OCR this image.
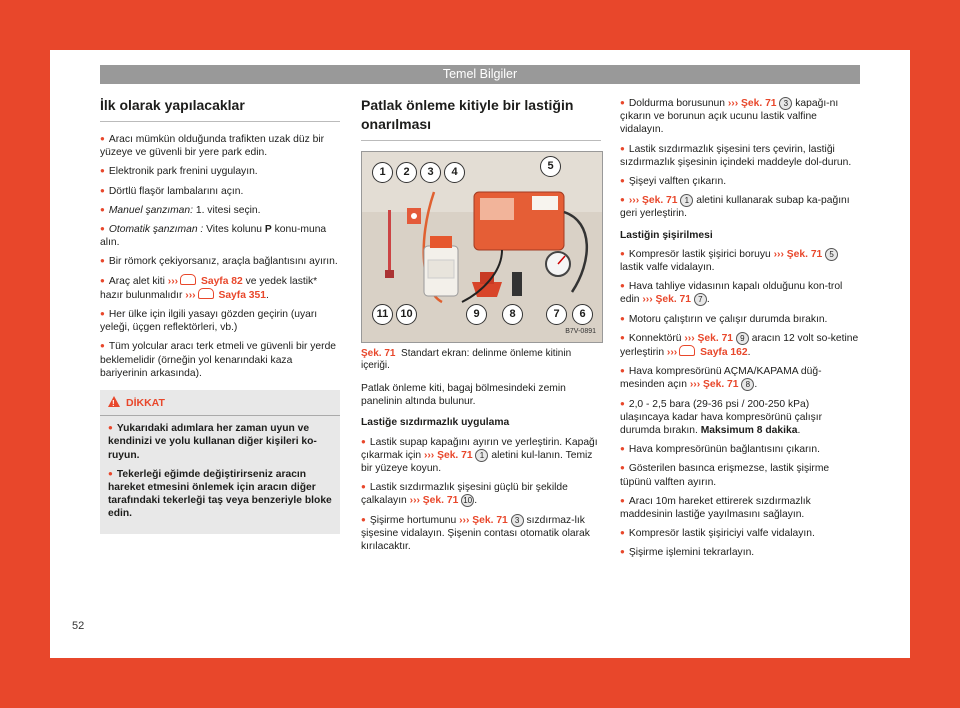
Temel Bilgiler
İlk olarak yapılacaklar
● Aracı mümkün olduğunda trafikten uzak düz bir yüzeye ve güvenli bir yere park edin.
● Elektronik park frenini uygulayın.
● Dörtlü flaşör lambalarını açın.
● Manuel şanzıman: 1. vitesi seçin.
● Otomatik şanzıman : Vites kolunu P konu-muna alın.
● Bir römork çekiyorsanız, araçla bağlantısını ayırın.
● Araç alet kiti ››› Sayfa 82 ve yedek lastik* hazır bulunmalıdır ››› Sayfa 351.
● Her ülke için ilgili yasayı gözden geçirin (uyarı yeleği, üçgen reflektörleri, vb.)
● Tüm yolcular aracı terk etmeli ve güvenli bir yerde beklemelidir (örneğin yol kenarındaki kaza bariyerinin arkasında).
!DİKKAT
● Yukarıdaki adımlara her zaman uyun ve kendinizi ve yolu kullanan diğer kişileri ko-ruyun.
● Tekerleği eğimde değiştirirseniz aracın hareket etmesini önlemek için aracın diğer tarafındaki tekerleği taş veya benzeriyle bloke edin.
Patlak önleme kitiyle bir lastiğin onarılması
1	2	3	4	5
11	10	9	8	7	6
B7V-0891
Şek. 71 Standart ekran: delinme önleme kitinin içeriği.
Patlak önleme kiti, bagaj bölmesindeki zemin panelinin altında bulunur.
Lastiğe sızdırmazlık uygulama
● Lastik supap kapağını ayırın ve yerleştirin. Kapağı çıkarmak için ››› Şek. 71 1 aletini kul-lanın. Temiz bir yüzeye koyun.
● Lastik sızdırmazlık şişesini güçlü bir şekilde çalkalayın ››› Şek. 71 10 .
● Şişirme hortumunu ››› Şek. 71 3 sızdırmaz-lık şişesine vidalayın. Şişenin contası otomatik olarak kırılacaktır.
● Doldurma borusunun ››› Şek. 71 3 kapağı-nı çıkarın ve borunun açık ucunu lastik valfine vidalayın.
● Lastik sızdırmazlık şişesini ters çevirin, lastiği sızdırmazlık şişesinin içindeki maddeyle dol-durun.
● Şişeyi valften çıkarın.
● ››› Şek. 71 1 aletini kullanarak subap ka-pağını geri yerleştirin.
Lastiğin şişirilmesi
● Kompresör lastik şişirici boruyu ››› Şek. 71 5 lastik valfe vidalayın.
● Hava tahliye vidasının kapalı olduğunu kon-trol edin ››› Şek. 71 7 .
● Motoru çalıştırın ve çalışır durumda bırakın.
● Konnektörü ››› Şek. 71 9 aracın 12 volt so-ketine yerleştirin ››› Sayfa 162.
● Hava kompresörünü AÇMA/KAPAMA düğ-mesinden açın ››› Şek. 71 8 .
● 2,0 - 2,5 bara (29-36 psi / 200-250 kPa) ulaşıncaya kadar hava kompresörünü çalışır durumda bırakın. Maksimum 8 dakika.
● Hava kompresörünün bağlantısını çıkarın.
● Gösterilen basınca erişmezse, lastik şişirme tüpünü valften ayırın.
● Aracı 10m hareket ettirerek sızdırmazlık maddesinin lastiğe yayılmasını sağlayın.
● Kompresör lastik şişiriciyi valfe vidalayın.
● Şişirme işlemini tekrarlayın.
52
